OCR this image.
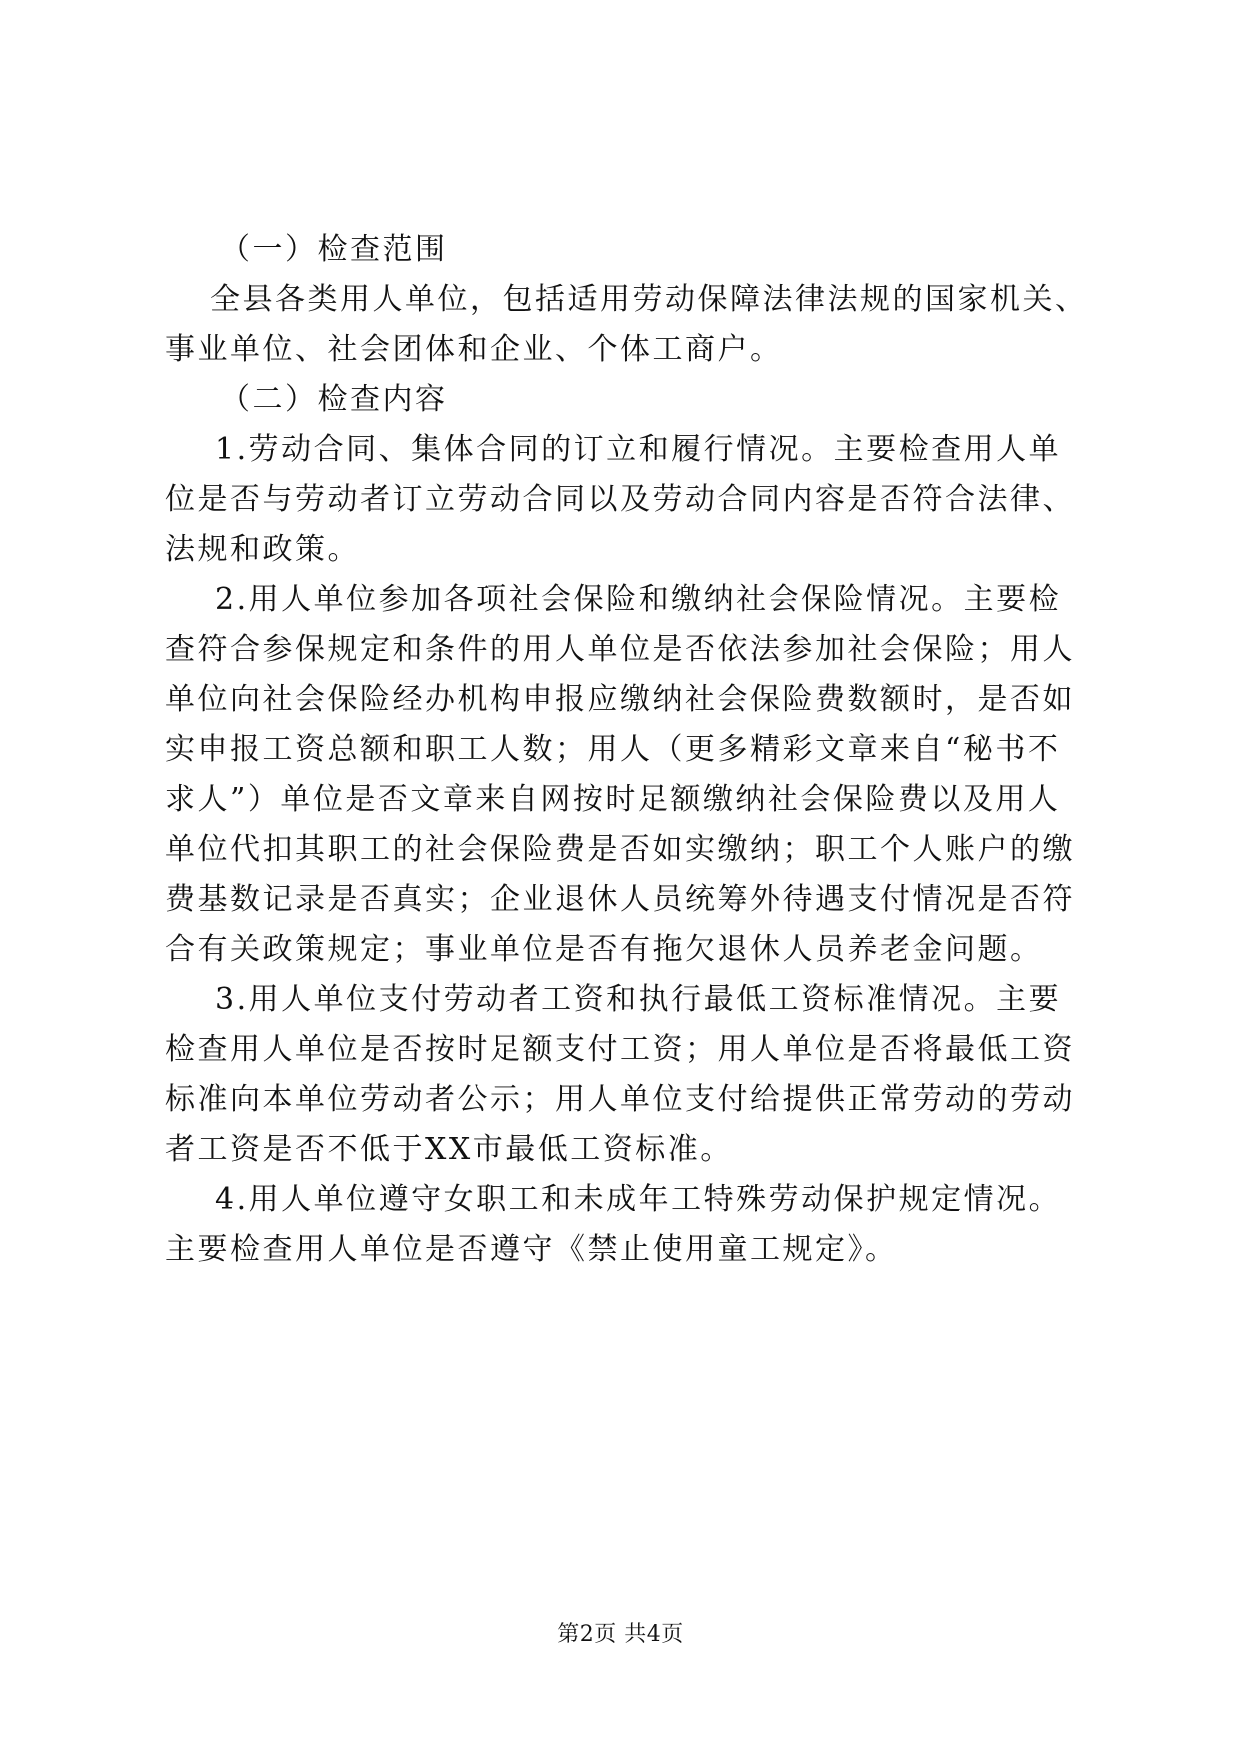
（一）检查范围
全县各类用人单位，包括适用劳动保障法律法规的国家机关、
事业单位、社会团体和企业、个体工商户。
（二）检查内容
1.劳动合同、集体合同的订立和履行情况。主要检查用人单
位是否与劳动者订立劳动合同以及劳动合同内容是否符合法律、
法规和政策。
2.用人单位参加各项社会保险和缴纳社会保险情况。主要检
查符合参保规定和条件的用人单位是否依法参加社会保险；用人
单位向社会保险经办机构申报应缴纳社会保险费数额时，是否如
实申报工资总额和职工人数；用人（更多精彩文章来自“秘书不
求人”）单位是否文章来自网按时足额缴纳社会保险费以及用人
单位代扣其职工的社会保险费是否如实缴纳；职工个人账户的缴
费基数记录是否真实；企业退休人员统筹外待遇支付情况是否符
合有关政策规定；事业单位是否有拖欠退休人员养老金问题。
3.用人单位支付劳动者工资和执行最低工资标准情况。主要
检查用人单位是否按时足额支付工资；用人单位是否将最低工资
标准向本单位劳动者公示；用人单位支付给提供正常劳动的劳动
者工资是否不低于XX市最低工资标准。
4.用人单位遵守女职工和未成年工特殊劳动保护规定情况。
主要检查用人单位是否遵守《禁止使用童工规定》。
第2页 共4页
